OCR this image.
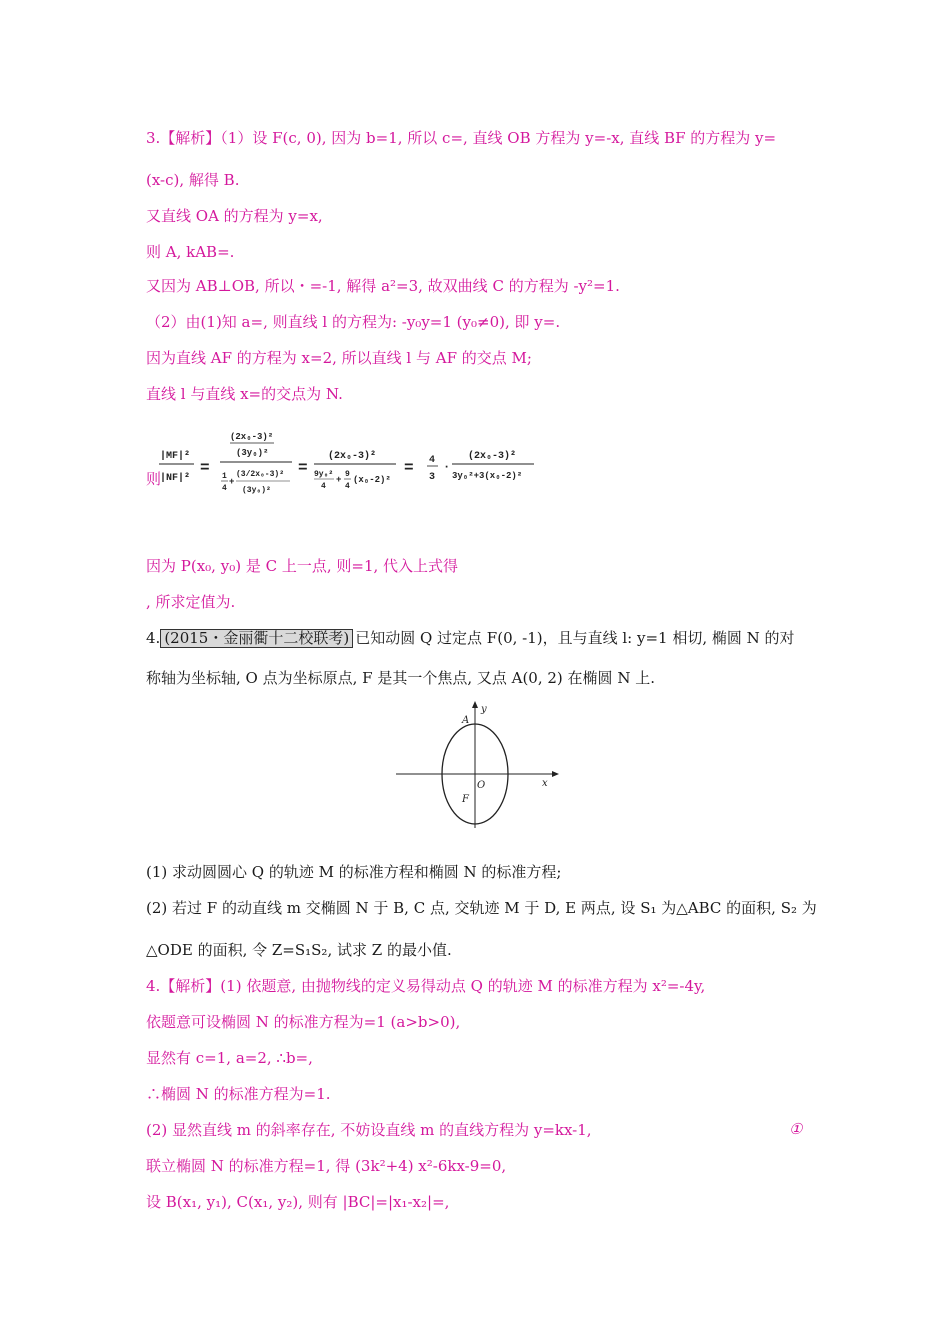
3.【解析】（1）设 F(c, 0), 因为 b=1, 所以 c=, 直线 OB 方程为 y=-x, 直线 BF 的方程为 y=
(x-c), 解得 B.
又直线 OA 的方程为 y=x,
则 A, kAB=.
又因为 AB⊥OB, 所以・=-1, 解得 a²=3, 故双曲线 C 的方程为 -y²=1.
（2）由(1)知 a=, 则直线 l 的方程为: -y₀y=1 (y₀≠0), 即 y=.
因为直线 AF 的方程为 x=2, 所以直线 l 与 AF 的交点 M;
直线 l 与直线 x=的交点为 N.
则
|MF|²
|NF|²
=
(2x₀-3)²
(3y₀)²
1
4
+
(3/2x₀-3)²
(3y₀)²
=
(2x₀-3)²
9y₀²
4
+
9
4
(x₀-2)²
= 4
3
·
(2x₀-3)²
3y₀²+3(x₀-2)²
因为 P(x₀, y₀) 是 C 上一点, 则=1, 代入上式得
, 所求定值为.
4. (2015・金丽衢十二校联考) 已知动圆 Q 过定点 F(0, -1)，且与直线 l: y=1 相切, 椭圆 N 的对
称轴为坐标轴, O 点为坐标原点, F 是其一个焦点, 又点 A(0, 2) 在椭圆 N 上.
y
x
A
O
F
(1) 求动圆圆心 Q 的轨迹 M 的标准方程和椭圆 N 的标准方程;
(2) 若过 F 的动直线 m 交椭圆 N 于 B, C 点, 交轨迹 M 于 D, E 两点, 设 S₁ 为△ABC 的面积, S₂ 为
△ODE 的面积, 令 Z=S₁S₂, 试求 Z 的最小值.
4.【解析】(1) 依题意, 由抛物线的定义易得动点 Q 的轨迹 M 的标准方程为 x²=-4y,
依题意可设椭圆 N 的标准方程为=1 (a>b>0),
显然有 c=1, a=2, ∴b=,
∴椭圆 N 的标准方程为=1.
(2) 显然直线 m 的斜率存在, 不妨设直线 m 的直线方程为 y=kx-1,	①
联立椭圆 N 的标准方程=1, 得 (3k²+4) x²-6kx-9=0,
设 B(x₁, y₁), C(x₁, y₂), 则有 |BC|=|x₁-x₂|=,
